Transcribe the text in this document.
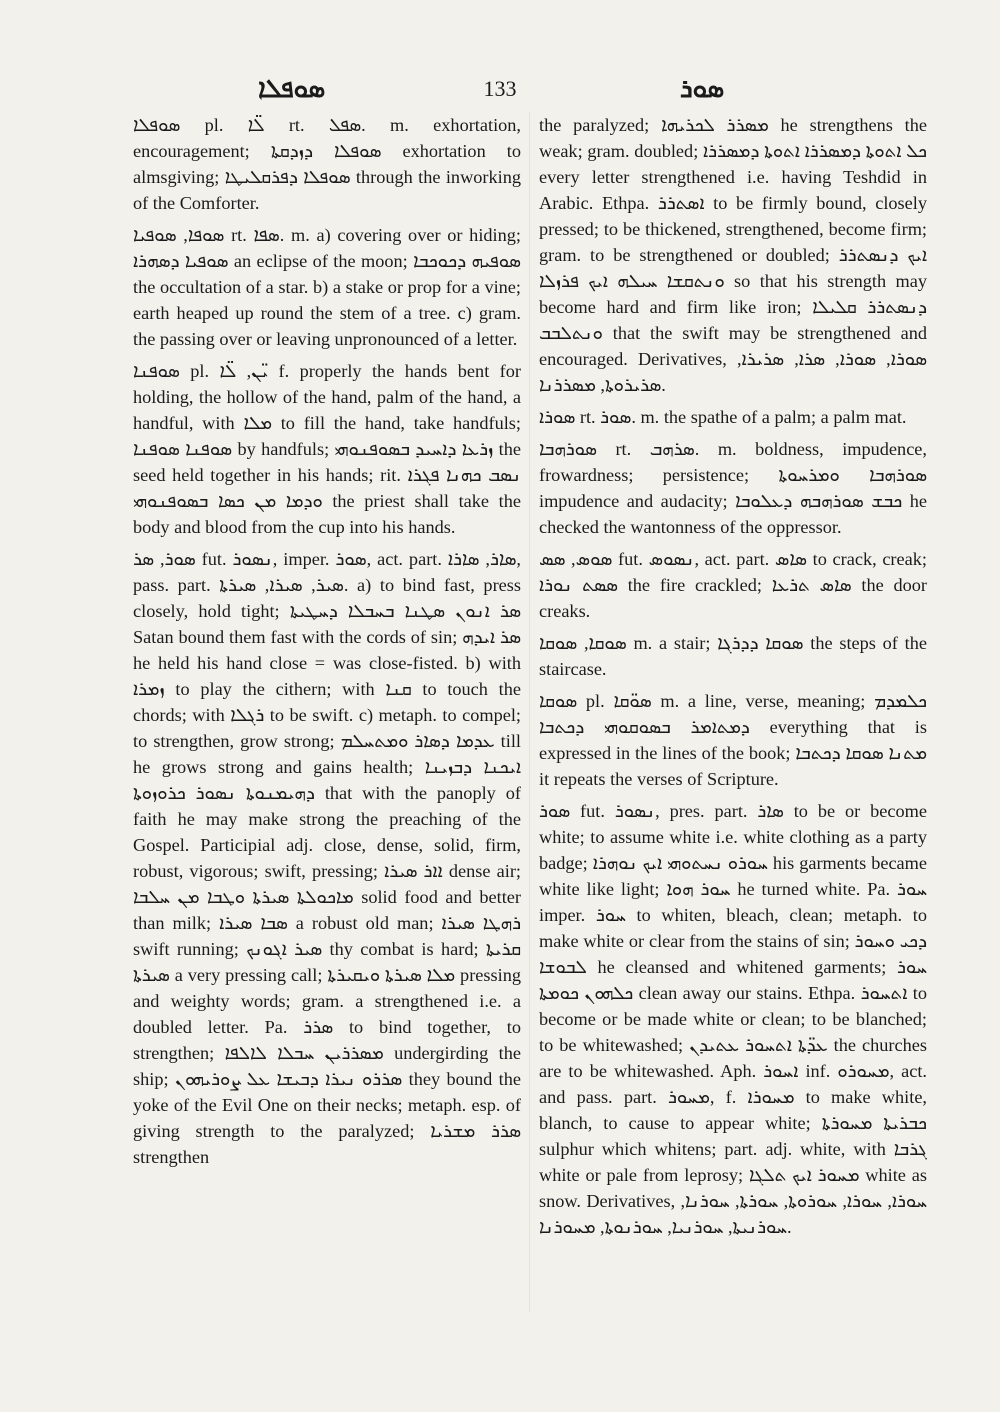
ܣܘܦܠܐ	133	ܣܘܪ

ܣܘܦܠܐ pl. ܠ̈ܐ rt. ܣܦܠ. m. exhortation, encouragement; ܣܘܦܠܐ ܕܙܕܩܬܐ exhortation to almsgiving; ܣܘܦܠܐ ܕܦܪܩܠܝܛܐ through the inworking of the Comforter.

ܣܘܦܐ, ܣܘܦܝܐ rt. ܣܦܐ. m. a) covering over or hiding; ܣܘܦܝܐ ܕܣܗܪܐ an eclipse of the moon; ܣܘܦܝܗ ܕܟܘܟܒܐ the occultation of a star. b) a stake or prop for a vine; earth heaped up round the stem of a tree. c) gram. the passing over or leaving unpronounced of a letter.

ܣܘܦܢܐ pl. ܝ̈ܢ, ܠ̈ܐ f. properly the hands bent for holding, the hollow of the hand, palm of the hand, a handful, with ܡܠܐ to fill the hand, take handfuls; ܣܘܦܢܐ ܣܘܦܢܐ by handfuls; ܙܪܥܐ ܕܐܚܝܕ ܒܣܘܦܢܘܗܝ the seed held together in his hands; rit. ܢܣܒ ܟܗܢܐ ܦܓܪܐ ܘܕܡܐ ܡܢ ܟܣܐ ܒܣܘܦܢܘܗܝ the priest shall take the body and blood from the cup into his hands.

ܣܘܪ, ܣܪ fut. ܢܣܘܪ, imper. ܣܘܪ, act. part. ܣܐܪ, ܣܐܪܐ, pass. part. ܣܝܪ, ܣܝܪܐ, ܣܝܪܬܐ. a) to bind fast, press closely, hold tight; ܣܪ ܐܢܘܢ ܣܛܢܐ ܒܚܒܠܐ ܕܚܛܝܬܐ Satan bound them fast with the cords of sin; ܣܪ ܐܝܕܗ he held his hand close = was close-fisted. b) with ܙܡܪܐ to play the cithern; with ܩܢܐ to touch the chords; with ܪܓܠܐ to be swift. c) metaph. to compel; to strengthen, grow strong; ܥܕܡܐ ܕܣܐܪ ܘܡܬܚܠܡ till he grows strong and gains health; ܐܝܟܢܐ ܕܒܙܝܢܐ ܕܗܝܡܢܘܬܐ ܢܣܘܪ ܟܪܘܙܘܬܐ that with the panoply of faith he may make strong the preaching of the Gospel. Participial adj. close, dense, solid, firm, robust, vigorous; swift, pressing; ܐܐܪ ܣܝܪܐ dense air; ܡܐܟܘܠܬܐ ܣܝܪܬܐ ܘܛܒܐ ܡܢ ܚܠܒܐ solid food and better than milk; ܣܒܐ ܣܝܪܐ a robust old man; ܪܗܛܐ ܣܝܪܐ swift running; ܣܝܪ ܐܓܘܢܟ thy combat is hard; ܩܪܝܬܐ ܣܝܪܬܐ a very pressing call; ܡܠܐ ܣܝܪܬܐ ܘܝܩܝܪܬܐ pressing and weighty words; gram. a strengthened i.e. a doubled letter. Pa. ܣܪܪ to bind together, to strengthen; ܡܣܪܪܝܢ ܚܒܠܐ ܠܐܠܦܐ undergirding the ship; ܣܪܪܘ ܢܝܪܐ ܕܒܝܫܐ ܥܠ ܨܘܪܝܗܘܢ they bound the yoke of the Evil One on their necks; metaph. esp. of giving strength to the paralyzed; ܣܪܪ ܡܫܪܝܐ strengthen

the paralyzed; ܡܣܪܪ ܠܟܪܝܗܐ he strengthens the weak; gram. doubled; ܟܠ ܐܬܘܬܐ ܕܡܣܪܪܐ ܐܬܘܬܐ ܕܡܣܪܪܐ every letter strengthened i.e. having Teshdid in Arabic. Ethpa. ܐܣܬܪܪ to be firmly bound, closely pressed; to be thickened, strengthened, become firm; gram. to be strengthened or doubled; ܐܝܟ ܕܢܣܬܪܪ ܘܢܬܩܫܐ ܚܝܠܗ ܐܝܟ ܦܪܙܠܐ so that his strength may become hard and firm like iron; ܕܢܣܬܪܪ ܩܠܝܠܐ ܘܢܬܠܒܒ that the swift may be strengthened and encouraged. Derivatives, ܣܘܪܐ, ܣܘܪܐ, ܣܪܐ, ܣܪܝܪܐ, ܣܪܝܪܘܬܐ, ܡܣܪܪܢܐ.

ܣܘܪܐ rt. ܣܘܪ. m. the spathe of a palm; a palm mat.

ܣܘܪܗܒܐ rt. ܣܪܗܒ. m. boldness, impudence, frowardness; persistence; ܣܘܪܗܒܐ ܘܡܪܚܘܬܐ impudence and audacity; ܟܒܫ ܣܘܪܗܒܗ ܕܥܠܘܒܐ he checked the wantonness of the oppressor.

ܣܘܣ, ܣܣ fut. ܢܣܘܣ, act. part. ܣܐܣ to crack, creak; ܣܣܬ ܢܘܪܐ the fire crackled; ܣܐܣ ܬܪܥܐ the door creaks.

ܣܘܩܐ, ܣܘܩܐ m. a stair; ܣܘܩܐ ܕܕܪܓܐ the steps of the staircase.

ܣܘܩܐ pl. ܣܘ̈ܩܐ m. a line, verse, meaning; ܟܠܡܕܡ ܕܡܬܐܡܪ ܒܣܘܩܘܗܝ ܕܟܬܒܐ everything that is expressed in the lines of the book; ܡܬܢܐ ܣܘܩܐ ܕܟܬܒܐ it repeats the verses of Scripture.

ܣܘܪ fut. ܢܣܘܪ, pres. part. ܣܐܪ to be or become white; to assume white i.e. white clothing as a party badge; ܚܘܪܘ ܢܚܬܘܗܝ ܐܝܟ ܢܘܗܪܐ his garments became white like light; ܚܘܪ ܗܘܐ he turned white. Pa. ܚܘܪ imper. ܚܘܪ to whiten, bleach, clean; metaph. to make white or clear from the stains of sin; ܕܟܝ ܘܚܘܪ ܠܒܘܫܐ he cleansed and whitened garments; ܚܘܪ ܟܠܗܘܢ ܟܘܡܬܐ clean away our stains. Ethpa. ܐܬܚܘܪ to become or be made white or clean; to be blanched; to be whitewashed; ܥܕ̈ܬܐ ܐܬܚܘܪ ܥܬܝܕܢ the churches are to be whitewashed. Aph. ܐܚܘܪ inf. ܡܚܘܪܘ, act. and pass. part. ܡܚܘܪ, f. ܡܚܘܪܐ to make white, blanch, to cause to appear white; ܟܒܪܝܬܐ ܡܚܘܪܬܐ sulphur which whitens; part. adj. white, with ܓܪܒܐ white or pale from leprosy; ܡܚܘܪ ܐܝܟ ܬܠܓܐ white as snow. Derivatives, ܚܘܪܐ, ܚܘܪܐ, ܚܘܪܘܬܐ, ܚܘܪܬܐ, ܚܘܪܢܐ, ܚܘܪܢܝܬܐ, ܚܘܪܢܝܐ, ܚܘܪܢܘܬܐ, ܡܚܘܪܢܐ.
